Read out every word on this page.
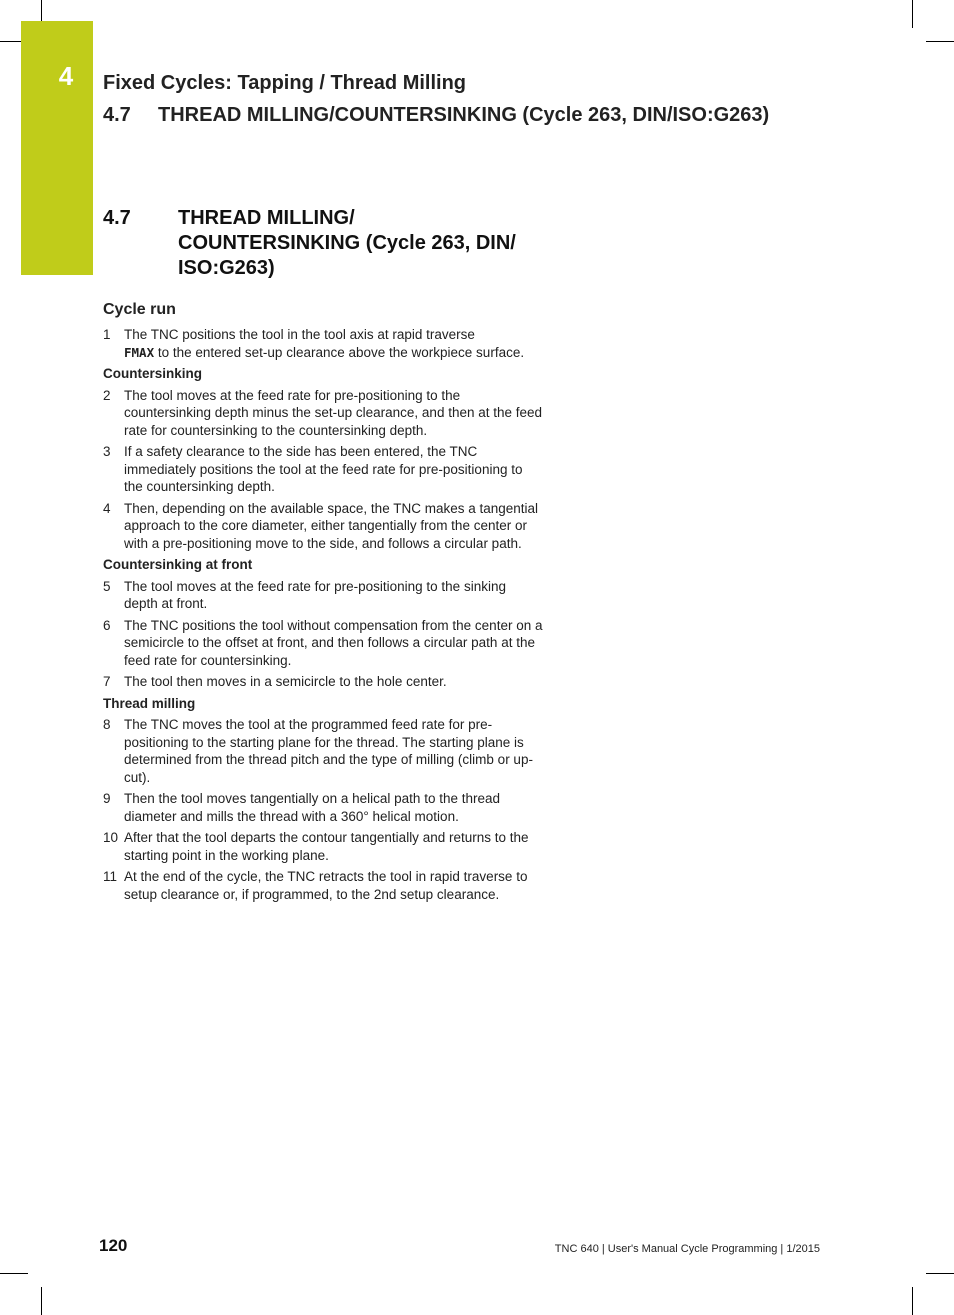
4	Fixed Cycles: Tapping / Thread Milling
4.7 THREAD MILLING/COUNTERSINKING (Cycle 263, DIN/ISO:G263)
4.7 THREAD MILLING/
COUNTERSINKING (Cycle 263, DIN/
ISO:G263)
Cycle run
1 The TNC positions the tool in the tool axis at rapid traverse
FMAX to the entered set-up clearance above the workpiece surface.
Countersinking
2 The tool moves at the feed rate for pre-positioning to the countersinking depth minus the set-up clearance, and then at the feed rate for countersinking to the countersinking depth.
3 If a safety clearance to the side has been entered, the TNC immediately positions the tool at the feed rate for pre-positioning to the countersinking depth.
4 Then, depending on the available space, the TNC makes a tangential approach to the core diameter, either tangentially from the center or with a pre-positioning move to the side, and follows a circular path.
Countersinking at front
5 The tool moves at the feed rate for pre-positioning to the sinking depth at front.
6 The TNC positions the tool without compensation from the center on a semicircle to the offset at front, and then follows a circular path at the feed rate for countersinking.
7 The tool then moves in a semicircle to the hole center.
Thread milling
8 The TNC moves the tool at the programmed feed rate for pre-positioning to the starting plane for the thread. The starting plane is determined from the thread pitch and the type of milling (climb or up-cut).
9 Then the tool moves tangentially on a helical path to the thread diameter and mills the thread with a 360° helical motion.
10 After that the tool departs the contour tangentially and returns to the starting point in the working plane.
11 At the end of the cycle, the TNC retracts the tool in rapid traverse to setup clearance or, if programmed, to the 2nd setup clearance.
120	TNC 640 | User's Manual Cycle Programming | 1/2015
